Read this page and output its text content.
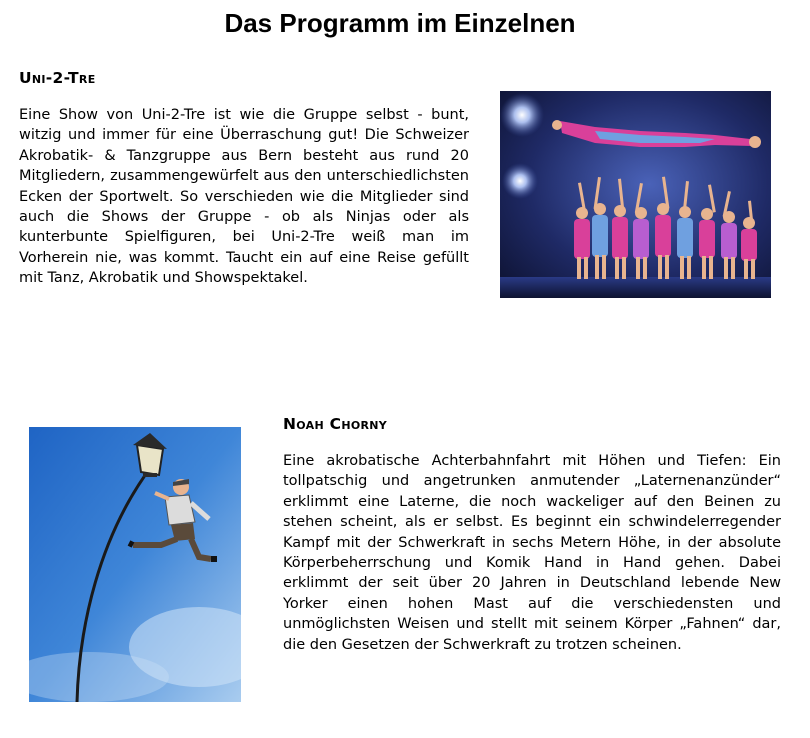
Das Programm im Einzelnen
Uni-2-Tre

Eine Show von Uni-2-Tre ist wie die Gruppe selbst - bunt, witzig und immer für eine Überraschung gut! Die Schweizer Akrobatik- & Tanzgruppe aus Bern besteht aus rund 20 Mitgliedern, zusammengewürfelt aus den unterschiedlichsten Ecken der Sportwelt. So verschieden wie die Mitglieder sind auch die Shows der Gruppe - ob als Ninjas oder als kunterbunte Spielfiguren, bei Uni-2-Tre weiß man im Vorherein nie, was kommt. Taucht ein auf eine Reise gefüllt mit Tanz, Akrobatik und Showspektakel.

Noah Chorny

Eine akrobatische Achterbahnfahrt mit Höhen und Tiefen: Ein tollpatschig und angetrunken anmutender „Laternenanzünder“ erklimmt eine Laterne, die noch wackeliger auf den Beinen zu stehen scheint, als er selbst. Es beginnt ein schwindelerregender Kampf mit der Schwerkraft in sechs Metern Höhe, in der absolute Körperbeherrschung und Komik Hand in Hand gehen. Dabei erklimmt der seit über 20 Jahren in Deutschland lebende New Yorker einen hohen Mast auf die verschiedensten und unmöglichsten Weisen und stellt mit seinem Körper „Fahnen“ dar, die den Gesetzen der Schwerkraft zu trotzen scheinen.
